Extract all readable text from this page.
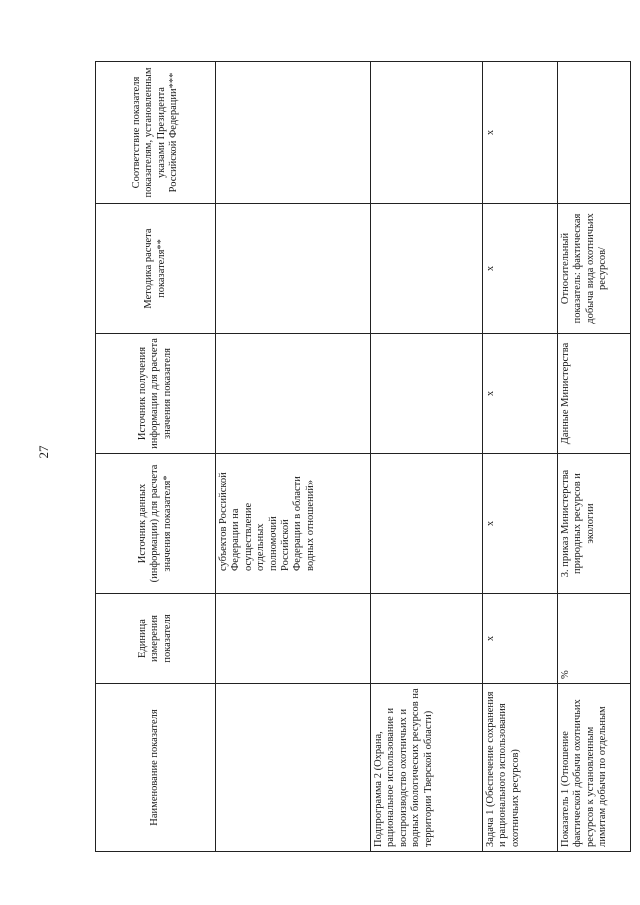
27
Наименование показателя	Единица измерения показателя	Источник данных (информации) для расчета значения показателя*	Источник получения информации для расчета значения показателя	Методика расчета показателя**	Соответствие показателя показателям, установленным указами Президента Российской Федерации***
		субъектов Российской Федерации на осуществление отдельных полномочий Российской Федерации в области водных отношений»			
Подпрограмма 2 (Охрана, рациональное использование и воспроизводство охотничьих и водных биологических ресурсов на территории Тверской области)					
Задача 1 (Обеспечение сохранения и рационального использования охотничьих ресурсов)	х	х	х	х	х
Показатель 1 (Отношение фактической добычи охотничьих ресурсов к установленным лимитам добычи по отдельным	%	3. приказ Министерства природных ресурсов и экологии	Данные Министерства	Относительный показатель: фактическая добыча вида охотничьих ресурсов/	
